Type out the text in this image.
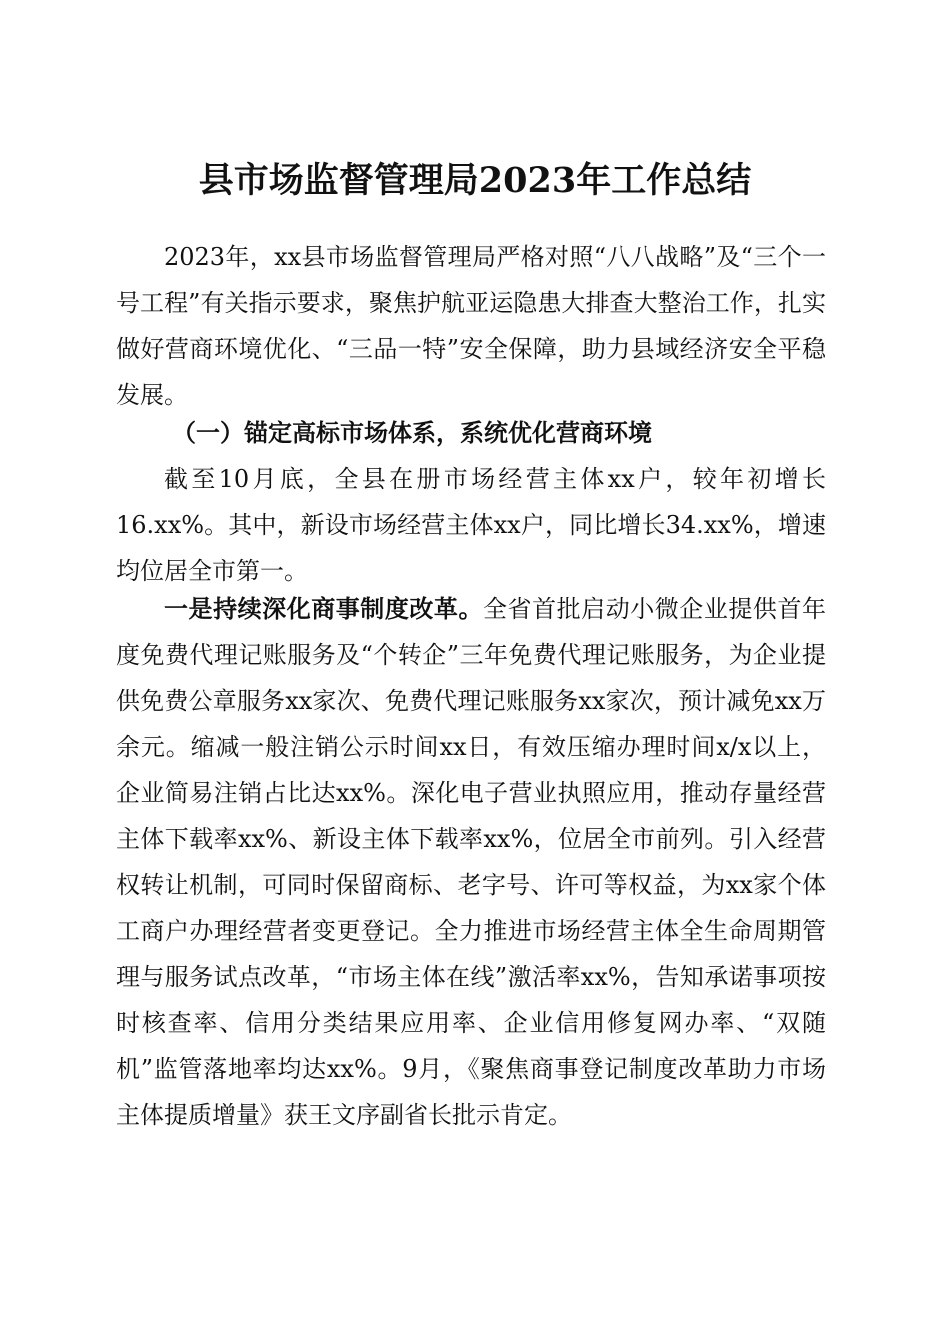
县市场监督管理局2023年工作总结

2023年，xx县市场监督管理局严格对照“八八战略”及“三个一号工程”有关指示要求，聚焦护航亚运隐患大排查大整治工作，扎实做好营商环境优化、“三品一特”安全保障，助力县域经济安全平稳发展。

（一）锚定高标市场体系，系统优化营商环境

截至10月底，全县在册市场经营主体xx户，较年初增长16.xx%。其中，新设市场经营主体xx户，同比增长34.xx%，增速均位居全市第一。

一是持续深化商事制度改革。全省首批启动小微企业提供首年度免费代理记账服务及“个转企”三年免费代理记账服务，为企业提供免费公章服务xx家次、免费代理记账服务xx家次，预计减免xx万余元。缩减一般注销公示时间xx日，有效压缩办理时间x/x以上，企业简易注销占比达xx%。深化电子营业执照应用，推动存量经营主体下载率xx%、新设主体下载率xx%，位居全市前列。引入经营权转让机制，可同时保留商标、老字号、许可等权益，为xx家个体工商户办理经营者变更登记。全力推进市场经营主体全生命周期管理与服务试点改革，“市场主体在线”激活率xx%，告知承诺事项按时核查率、信用分类结果应用率、企业信用修复网办率、“双随机”监管落地率均达xx%。9月，《聚焦商事登记制度改革助力市场主体提质增量》获王文序副省长批示肯定。
